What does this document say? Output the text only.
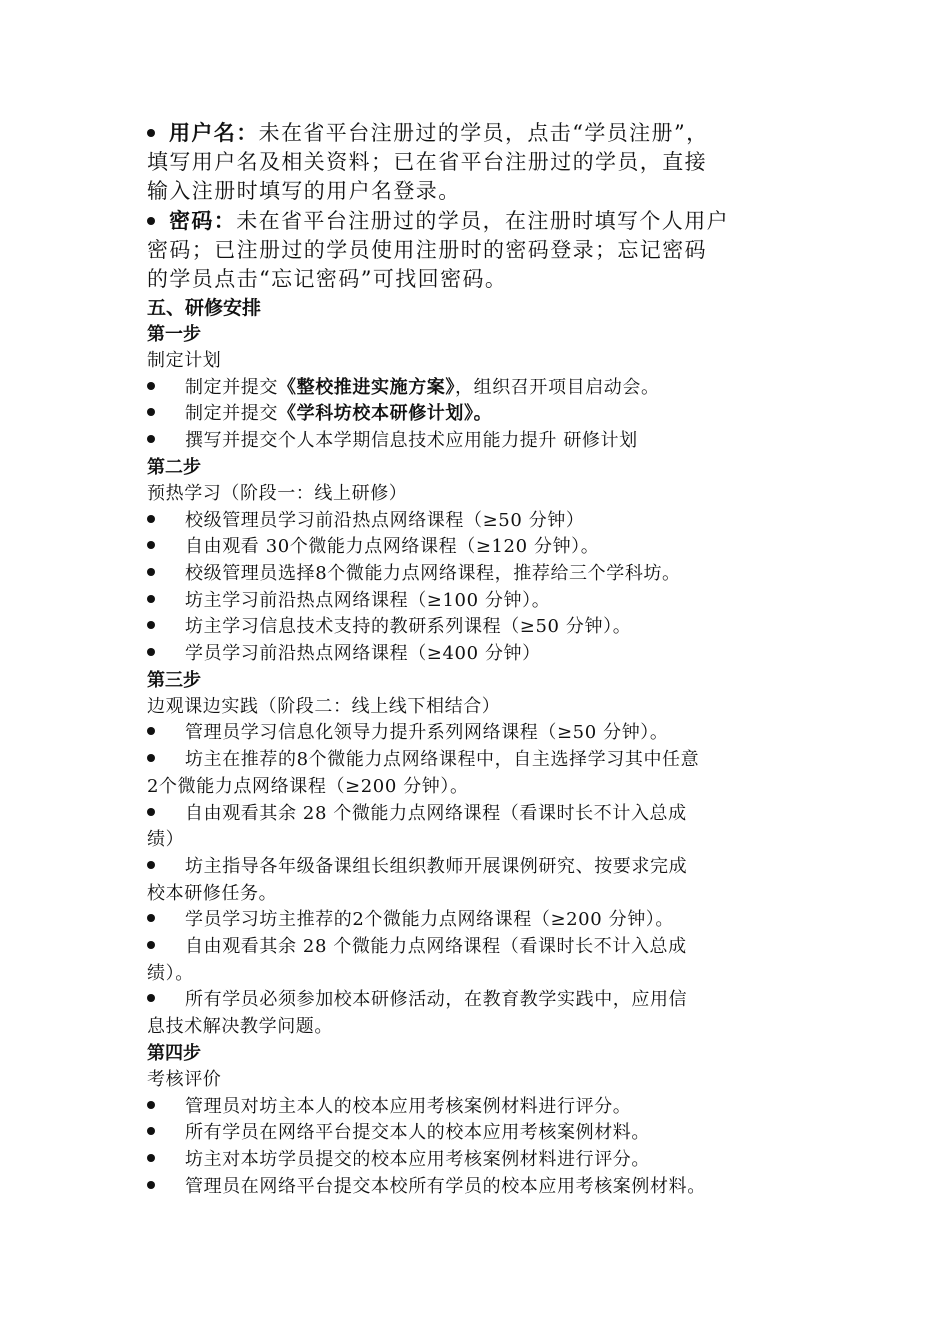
用户名：未在省平台注册过的学员，点击“学员注册”，

填写用户名及相关资料；已在省平台注册过的学员，直接

输入注册时填写的用户名登录。

密码：未在省平台注册过的学员，在注册时填写个人用户

密码；已注册过的学员使用注册时的密码登录；忘记密码

的学员点击“忘记密码”可找回密码。

五、研修安排

第一步

制定计划

制定并提交《整校推进实施方案》，组织召开项目启动会。

制定并提交《学科坊校本研修计划》。

撰写并提交个人本学期信息技术应用能力提升 研修计划

第二步

预热学习（阶段一：线上研修）

校级管理员学习前沿热点网络课程（≥50 分钟）

自由观看 30个微能力点网络课程（≥120 分钟）。

校级管理员选择8个微能力点网络课程，推荐给三个学科坊。

坊主学习前沿热点网络课程（≥100 分钟）。

坊主学习信息技术支持的教研系列课程（≥50 分钟）。

学员学习前沿热点网络课程（≥400 分钟）

第三步

边观课边实践（阶段二：线上线下相结合）

管理员学习信息化领导力提升系列网络课程（≥50 分钟）。

坊主在推荐的8个微能力点网络课程中，自主选择学习其中任意

2个微能力点网络课程（≥200 分钟）。

自由观看其余 28 个微能力点网络课程（看课时长不计入总成

绩）

坊主指导各年级备课组长组织教师开展课例研究、按要求完成

校本研修任务。

学员学习坊主推荐的2个微能力点网络课程（≥200 分钟）。

自由观看其余 28 个微能力点网络课程（看课时长不计入总成

绩）。

所有学员必须参加校本研修活动，在教育教学实践中，应用信

息技术解决教学问题。

第四步

考核评价

管理员对坊主本人的校本应用考核案例材料进行评分。

所有学员在网络平台提交本人的校本应用考核案例材料。

坊主对本坊学员提交的校本应用考核案例材料进行评分。

管理员在网络平台提交本校所有学员的校本应用考核案例材料。
